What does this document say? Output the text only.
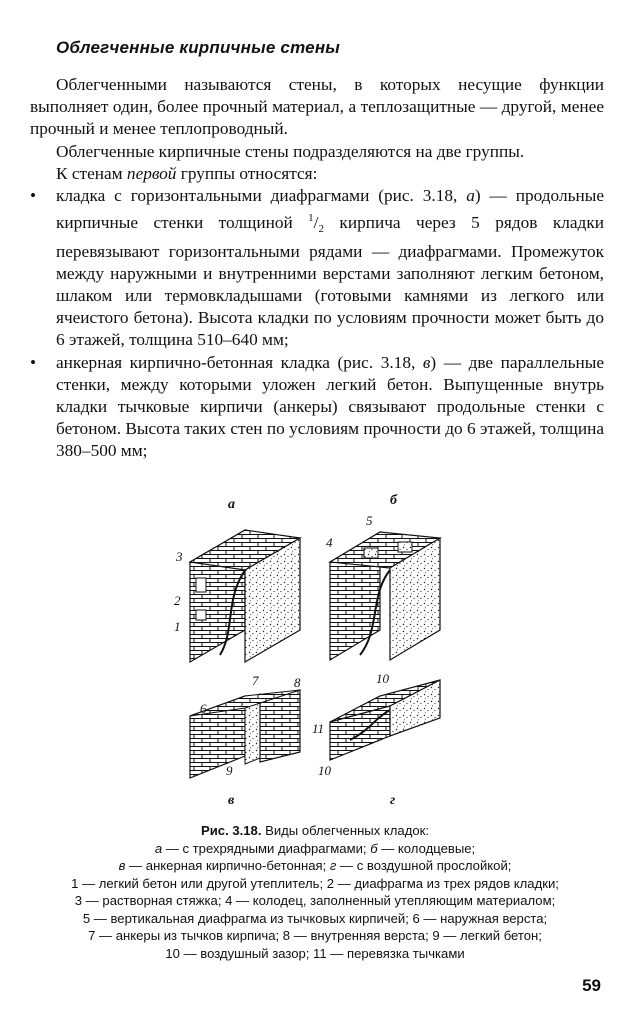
Облегченные кирпичные стены

Облегченными называются стены, в которых несущие функции выполняет один, более прочный материал, а теплозащитные — другой, менее прочный и менее теплопроводный.

Облегченные кирпичные стены подразделяются на две группы.

К стенам первой группы относятся:

• кладка с горизонтальными диафрагмами (рис. 3.18, а) — продольные кирпичные стенки толщиной $^1/_2$ кирпича через 5 рядов кладки перевязывают горизонтальными рядами — диафрагмами. Промежуток между наружными и внутренними верстами заполняют легким бетоном, шлаком или термовкладышами (готовыми камнями из легкого или ячеистого бетона). Высота кладки по условиям прочности может быть до 6 этажей, толщина 510–640 мм;

• анкерная кирпично-бетонная кладка (рис. 3.18, в) — две параллельные стенки, между которыми уложен легкий бетон. Выпущенные внутрь кладки тычковые кирпичи (анкеры) связывают продольные стенки с бетоном. Высота таких стен по условиям прочности до 6 этажей, толщина 380–500 мм;

а	б
в	г
1
2
3
4
5
6
7	8
9
10
10
11
Рис. 3.18. Виды облегченных кладок:
а — с трехрядными диафрагмами; б — колодцевые;
в — анкерная кирпично-бетонная; г — с воздушной прослойкой;
1 — легкий бетон или другой утеплитель; 2 — диафрагма из трех рядов кладки;
3 — растворная стяжка; 4 — колодец, заполненный утепляющим материалом;
5 — вертикальная диафрагма из тычковых кирпичей; 6 — наружная верста;
7 — анкеры из тычков кирпича; 8 — внутренняя верста; 9 — легкий бетон;
10 — воздушный зазор; 11 — перевязка тычками
59
